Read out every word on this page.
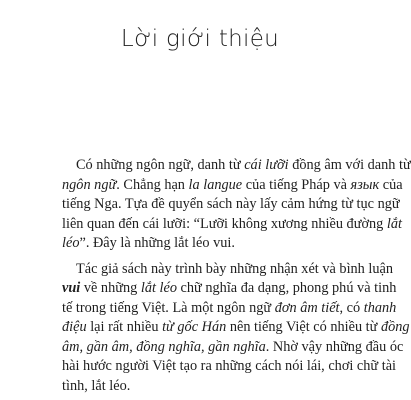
Lời giới thiệu
Có những ngôn ngữ, danh từ cái lưỡi đồng âm với danh từ
ngôn ngữ. Chẳng hạn la langue của tiếng Pháp và язык của
tiếng Nga. Tựa đề quyển sách này lấy cảm hứng từ tục ngữ
liên quan đến cái lưỡi: “Lưỡi không xương nhiều đường lắt
léo”. Đây là những lắt léo vui.
Tác giả sách này trình bày những nhận xét và bình luận
vui về những lắt léo chữ nghĩa đa dạng, phong phú và tinh
tế trong tiếng Việt. Là một ngôn ngữ đơn âm tiết, có thanh
điệu lại rất nhiều từ gốc Hán nên tiếng Việt có nhiều từ đồng
âm, gần âm, đồng nghĩa, gần nghĩa. Nhờ vậy những đầu óc
hài hước người Việt tạo ra những cách nói lái, chơi chữ tài
tình, lắt léo.
